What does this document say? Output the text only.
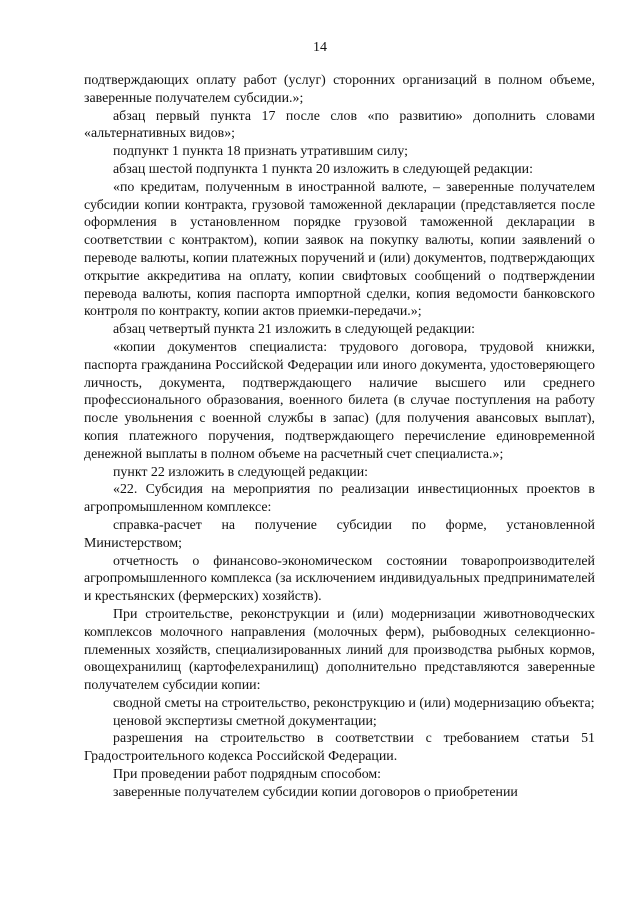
14

подтверждающих оплату работ (услуг) сторонних организаций в полном объеме, заверенные получателем субсидии.»;

абзац первый пункта 17 после слов «по развитию» дополнить словами «альтернативных видов»;

подпункт 1 пункта 18 признать утратившим силу;

абзац шестой подпункта 1 пункта 20 изложить в следующей редакции:

«по кредитам, полученным в иностранной валюте, – заверенные получателем субсидии копии контракта, грузовой таможенной декларации (представляется после оформления в установленном порядке грузовой таможенной декларации в соответствии с контрактом), копии заявок на покупку валюты, копии заявлений о переводе валюты, копии платежных поручений и (или) документов, подтверждающих открытие аккредитива на оплату, копии свифтовых сообщений о подтверждении перевода валюты, копия паспорта импортной сделки, копия ведомости банковского контроля по контракту, копии актов приемки-передачи.»;

абзац четвертый пункта 21 изложить в следующей редакции:

«копии документов специалиста: трудового договора, трудовой книжки, паспорта гражданина Российской Федерации или иного документа, удостоверяющего личность, документа, подтверждающего наличие высшего или среднего профессионального образования, военного билета (в случае поступления на работу после увольнения с военной службы в запас) (для получения авансовых выплат), копия платежного поручения, подтверждающего перечисление единовременной денежной выплаты в полном объеме на расчетный счет специалиста.»;

пункт 22 изложить в следующей редакции:

«22. Субсидия на мероприятия по реализации инвестиционных проектов в агропромышленном комплексе:

справка-расчет на получение субсидии по форме, установленной Министерством;

отчетность о финансово-экономическом состоянии товаропроизводителей агропромышленного комплекса (за исключением индивидуальных предпринимателей и крестьянских (фермерских) хозяйств).

При строительстве, реконструкции и (или) модернизации животноводческих комплексов молочного направления (молочных ферм), рыбоводных селекционно-племенных хозяйств, специализированных линий для производства рыбных кормов, овощехранилищ (картофелехранилищ) дополнительно представляются заверенные получателем субсидии копии:

сводной сметы на строительство, реконструкцию и (или) модернизацию объекта;

ценовой экспертизы сметной документации;

разрешения на строительство в соответствии с требованием статьи 51 Градостроительного кодекса Российской Федерации.

При проведении работ подрядным способом:

заверенные получателем субсидии копии договоров о приобретении
